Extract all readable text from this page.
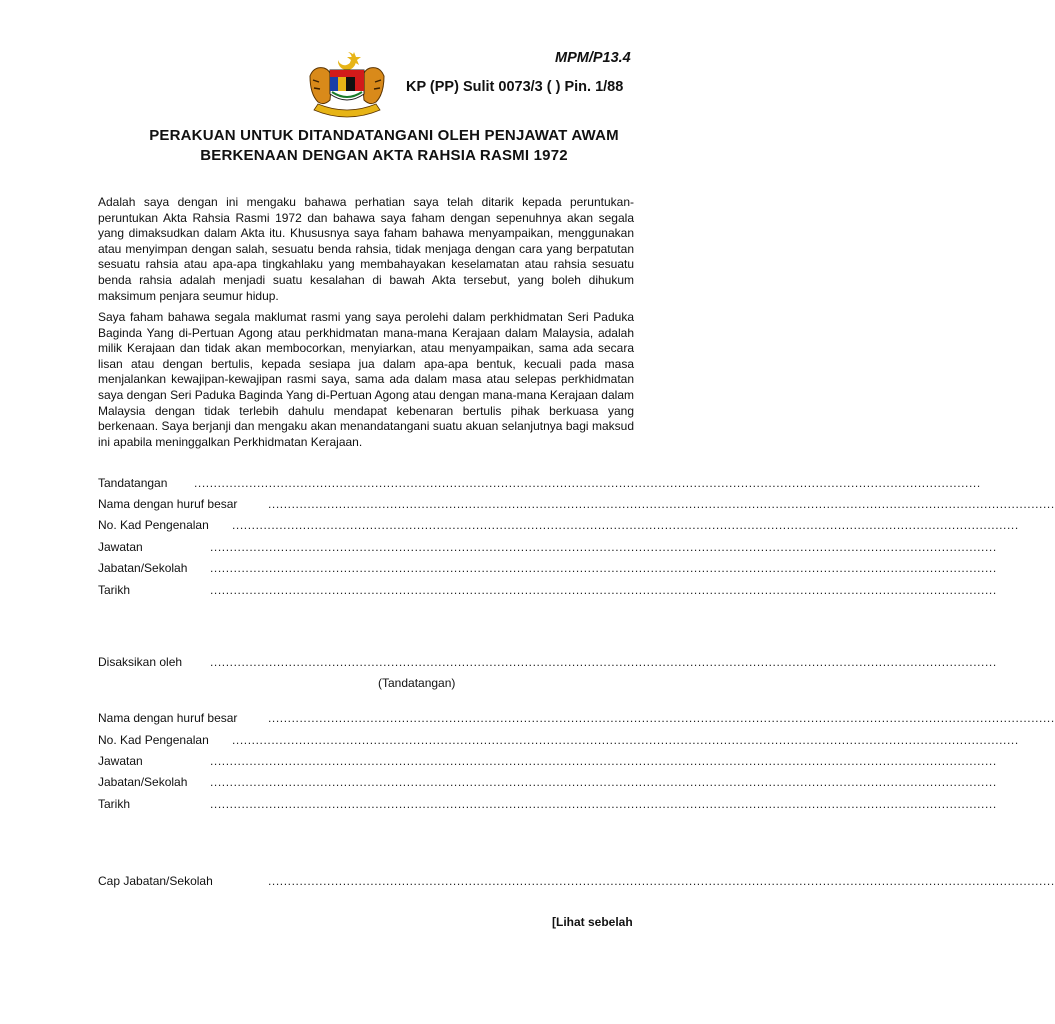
MPM/P13.4
KP (PP) Sulit 0073/3 ( ) Pin. 1/88
PERAKUAN UNTUK DITANDATANGANI OLEH PENJAWAT AWAM
BERKENAAN DENGAN AKTA RAHSIA RASMI 1972

Adalah saya dengan ini mengaku bahawa perhatian saya telah ditarik kepada peruntukan-peruntukan Akta Rahsia Rasmi 1972 dan bahawa saya faham dengan sepenuhnya akan segala yang dimaksudkan dalam Akta itu. Khususnya saya faham bahawa menyampaikan, menggunakan atau menyimpan dengan salah, sesuatu benda rahsia, tidak menjaga dengan cara yang berpatutan sesuatu rahsia atau apa-apa tingkahlaku yang membahayakan keselamatan atau rahsia sesuatu benda rahsia adalah menjadi suatu kesalahan di bawah Akta tersebut, yang boleh dihukum maksimum penjara seumur hidup.

Saya faham bahawa segala maklumat rasmi yang saya perolehi dalam perkhidmatan Seri Paduka Baginda Yang di-Pertuan Agong atau perkhidmatan mana-mana Kerajaan dalam Malaysia, adalah milik Kerajaan dan tidak akan membocorkan, menyiarkan, atau menyampaikan, sama ada secara lisan atau dengan bertulis, kepada sesiapa jua dalam apa-apa bentuk, kecuali pada masa menjalankan kewajipan-kewajipan rasmi saya, sama ada dalam masa atau selepas perkhidmatan saya dengan Seri Paduka Baginda Yang di-Pertuan Agong atau dengan mana-mana Kerajaan dalam Malaysia dengan tidak terlebih dahulu mendapat kebenaran bertulis pihak berkuasa yang berkenaan. Saya berjanji dan mengaku akan menandatangani suatu akuan selanjutnya bagi maksud ini apabila meninggalkan Perkhidmatan Kerajaan.

Tandatangan ........................................................................................................................................................................................................
Nama dengan huruf besar	........................................................................................................................................................................................................
No. Kad Pengenalan ........................................................................................................................................................................................................
Jawatan	........................................................................................................................................................................................................
Jabatan/Sekolah ........................................................................................................................................................................................................
Tarikh	........................................................................................................................................................................................................
Disaksikan oleh ........................................................................................................................................................................................................
(Tandatangan)
Nama dengan huruf besar	........................................................................................................................................................................................................
No. Kad Pengenalan ........................................................................................................................................................................................................
Jawatan	........................................................................................................................................................................................................
Jabatan/Sekolah ........................................................................................................................................................................................................
Tarikh	........................................................................................................................................................................................................
Cap Jabatan/Sekolah	........................................................................................................................................................................................................
[Lihat sebelah
